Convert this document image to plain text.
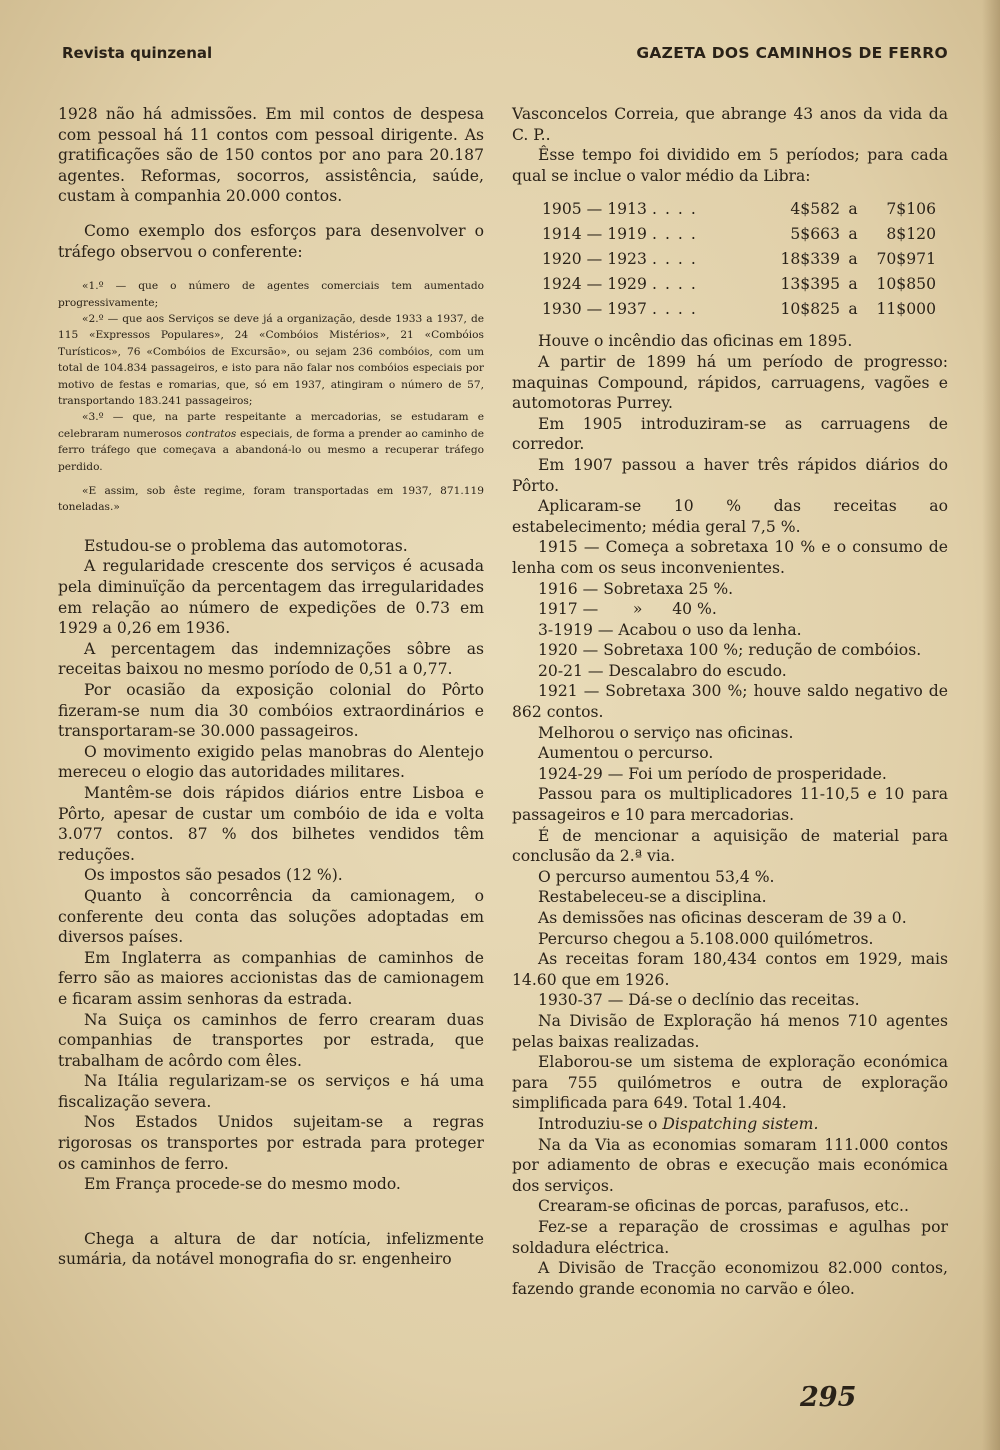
Revista quinzenal	GAZETA DOS CAMINHOS DE FERRO

1928 não há admissões. Em mil contos de despesa com pessoal há 11 contos com pessoal dirigente. As gratificações são de 150 contos por ano para 20.187 agentes. Reformas, socorros, assistência, saúde, custam à companhia 20.000 contos.

Como exemplo dos esforços para desenvolver o tráfego observou o conferente:

«1.º — que o número de agentes comerciais tem aumentado progressivamente;

«2.º — que aos Serviços se deve já a organização, desde 1933 a 1937, de 115 «Expressos Populares», 24 «Combóios Mistérios», 21 «Combóios Turísticos», 76 «Combóios de Excursão», ou sejam 236 combóios, com um total de 104.834 passageiros, e isto para não falar nos combóios especiais por motivo de festas e romarias, que, só em 1937, atingiram o número de 57, transportando 183.241 passageiros;

«3.º — que, na parte respeitante a mercadorias, se estudaram e celebraram numerosos contratos especiais, de forma a prender ao caminho de ferro tráfego que começava a abandoná-lo ou mesmo a recuperar tráfego perdido.

«E assim, sob êste regime, foram transportadas em 1937, 871.119 toneladas.»

Estudou-se o problema das automotoras.

A regularidade crescente dos serviços é acusada pela diminuïção da percentagem das irregularidades em relação ao número de expedições de 0.73 em 1929 a 0,26 em 1936.

A percentagem das indemnizações sôbre as receitas baixou no mesmo poríodo de 0,51 a 0,77.

Por ocasião da exposição colonial do Pôrto fizeram-se num dia 30 combóios extraordinários e transportaram-se 30.000 passageiros.

O movimento exigido pelas manobras do Alentejo mereceu o elogio das autoridades militares.

Mantêm-se dois rápidos diários entre Lisboa e Pôrto, apesar de custar um combóio de ida e volta 3.077 contos. 87 % dos bilhetes vendidos têm reduções.

Os impostos são pesados (12 %).

Quanto à concorrência da camionagem, o conferente deu conta das soluções adoptadas em diversos países.

Em Inglaterra as companhias de caminhos de ferro são as maiores accionistas das de camionagem e ficaram assim senhoras da estrada.

Na Suiça os caminhos de ferro crearam duas companhias de transportes por estrada, que trabalham de acôrdo com êles.

Na Itália regularizam-se os serviços e há uma fiscalização severa.

Nos Estados Unidos sujeitam-se a regras rigorosas os transportes por estrada para proteger os caminhos de ferro.

Em França procede-se do mesmo modo.

Chega a altura de dar notícia, infelizmente sumária, da notável monografia do sr. engenheiro

Vasconcelos Correia, que abrange 43 anos da vida da C. P..

Êsse tempo foi dividido em 5 períodos; para cada qual se inclue o valor médio da Libra:

1905 — 1913	....	4$582	a	7$106
1914 — 1919	....	5$663	a	8$120
1920 — 1923	....	18$339	a	70$971
1924 — 1929	....	13$395	a	10$850
1930 — 1937	....	10$825	a	11$000

Houve o incêndio das oficinas em 1895.

A partir de 1899 há um período de progresso: maquinas Compound, rápidos, carruagens, vagões e automotoras Purrey.

Em 1905 introduziram-se as carruagens de corredor.

Em 1907 passou a haver três rápidos diários do Pôrto.

Aplicaram-se 10 % das receitas ao estabelecimento; média geral 7,5 %.

1915 — Começa a sobretaxa 10 % e o consumo de lenha com os seus inconvenientes.

1916 — Sobretaxa 25 %.

1917 —       »      40 %.

3-1919 — Acabou o uso da lenha.

1920 — Sobretaxa 100 %; redução de combóios.

20-21 — Descalabro do escudo.

1921 — Sobretaxa 300 %; houve saldo negativo de 862 contos.

Melhorou o serviço nas oficinas.

Aumentou o percurso.

1924-29 — Foi um período de prosperidade.

Passou para os multiplicadores 11-10,5 e 10 para passageiros e 10 para mercadorias.

É de mencionar a aquisição de material para conclusão da 2.ª via.

O percurso aumentou 53,4 %.

Restabeleceu-se a disciplina.

As demissões nas oficinas desceram de 39 a 0.

Percurso chegou a 5.108.000 quilómetros.

As receitas foram 180,434 contos em 1929, mais 14.60 que em 1926.

1930-37 — Dá-se o declínio das receitas.

Na Divisão de Exploração há menos 710 agentes pelas baixas realizadas.

Elaborou-se um sistema de exploração económica para 755 quilómetros e outra de exploração simplificada para 649. Total 1.404.

Introduziu-se o Dispatching sistem.

Na da Via as economias somaram 111.000 contos por adiamento de obras e execução mais económica dos serviços.

Crearam-se oficinas de porcas, parafusos, etc..

Fez-se a reparação de crossimas e agulhas por soldadura eléctrica.

A Divisão de Tracção economizou 82.000 contos, fazendo grande economia no carvão e óleo.

295
